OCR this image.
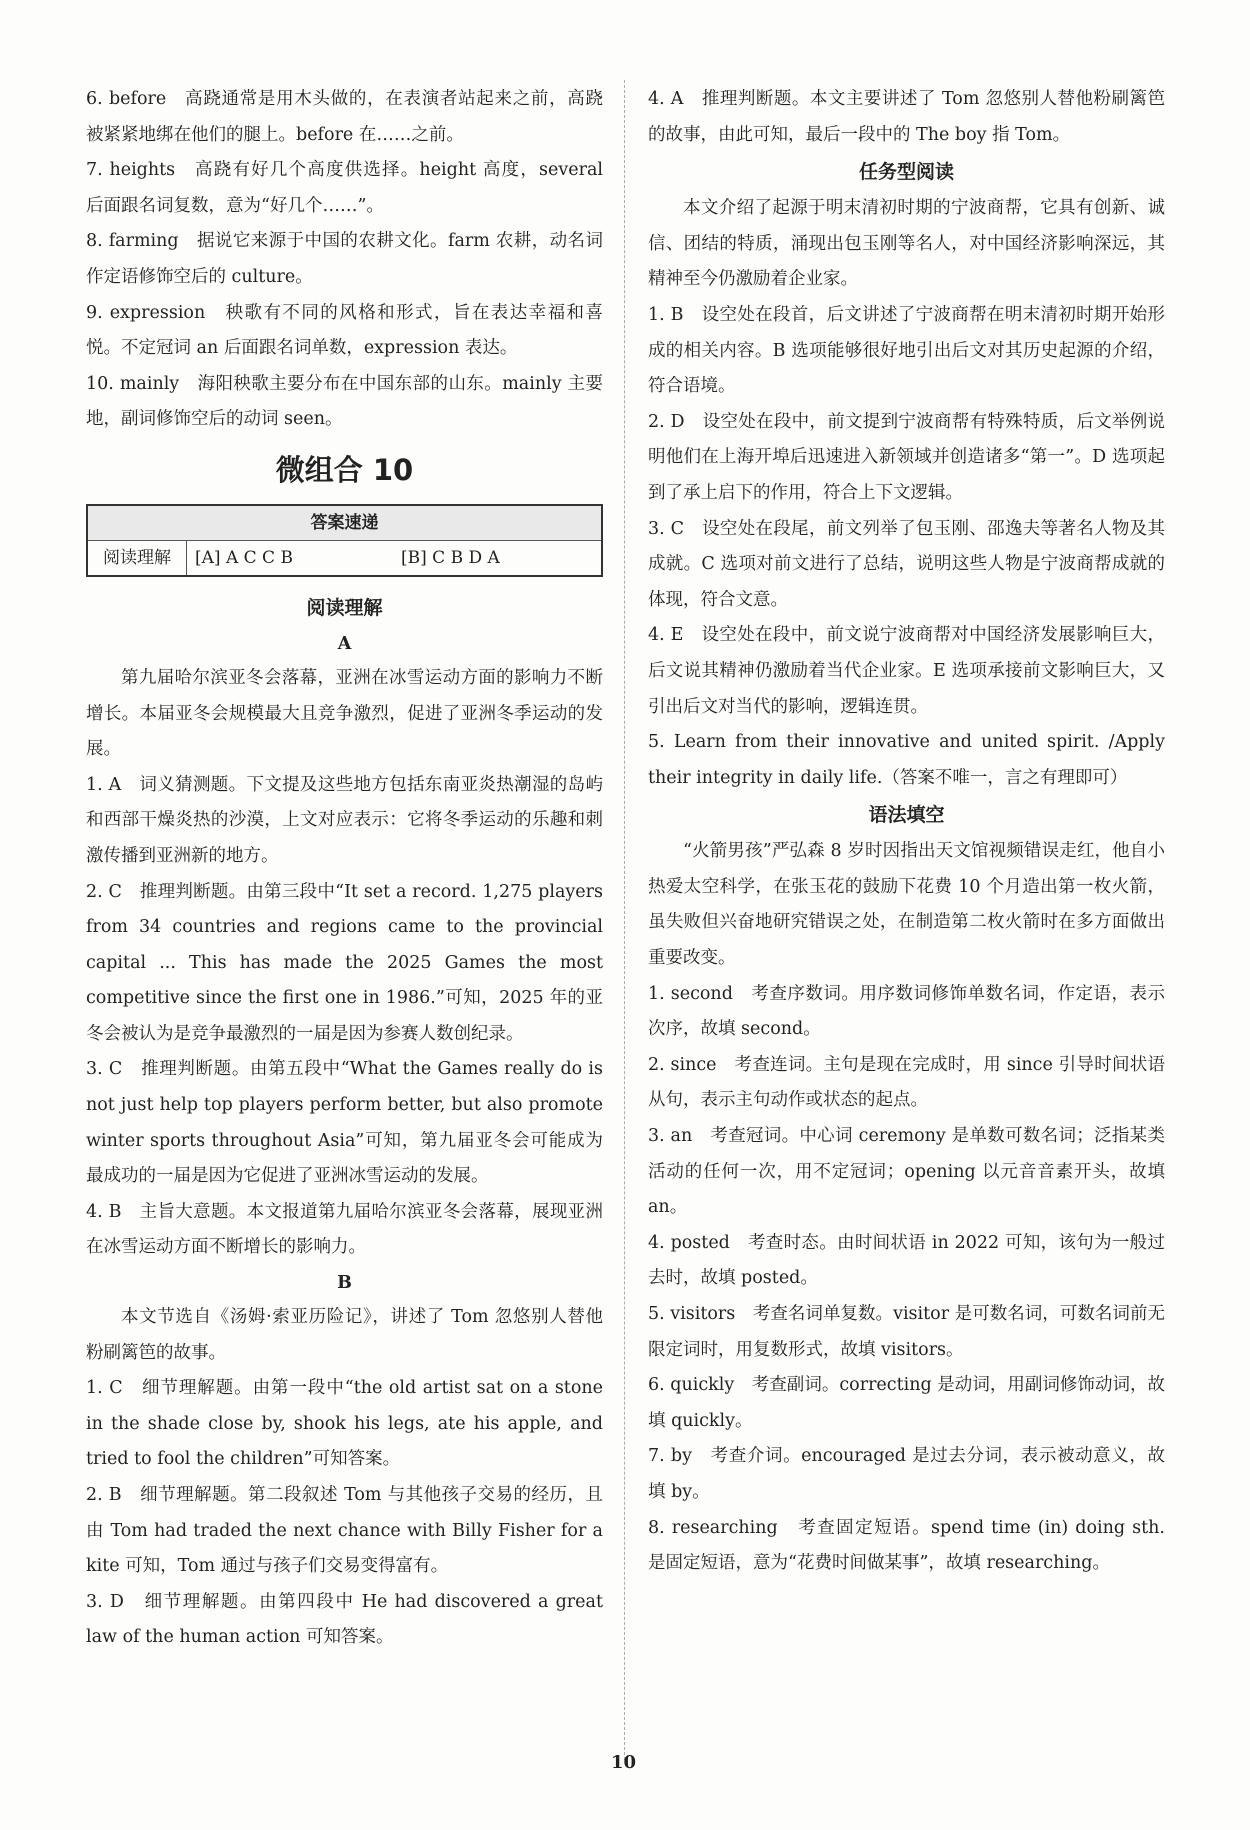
6. before　高跷通常是用木头做的，在表演者站起来之前，高跷被紧紧地绑在他们的腿上。before 在……之前。

7. heights　高跷有好几个高度供选择。height 高度，several 后面跟名词复数，意为“好几个……”。

8. farming　据说它来源于中国的农耕文化。farm 农耕，动名词作定语修饰空后的 culture。

9. expression　秧歌有不同的风格和形式，旨在表达幸福和喜悦。不定冠词 an 后面跟名词单数，expression 表达。

10. mainly　海阳秧歌主要分布在中国东部的山东。mainly 主要地，副词修饰空后的动词 seen。

微组合 10
答案速递
阅读理解	[A] A C C B	[B] C B D A
阅读理解
A

第九届哈尔滨亚冬会落幕，亚洲在冰雪运动方面的影响力不断增长。本届亚冬会规模最大且竞争激烈，促进了亚洲冬季运动的发展。

1. A　词义猜测题。下文提及这些地方包括东南亚炎热潮湿的岛屿和西部干燥炎热的沙漠，上文对应表示：它将冬季运动的乐趣和刺激传播到亚洲新的地方。

2. C　推理判断题。由第三段中“It set a record. 1,275 players from 34 countries and regions came to the provincial capital ... This has made the 2025 Games the most competitive since the first one in 1986.”可知，2025 年的亚冬会被认为是竞争最激烈的一届是因为参赛人数创纪录。

3. C　推理判断题。由第五段中“What the Games really do is not just help top players perform better, but also promote winter sports throughout Asia”可知，第九届亚冬会可能成为最成功的一届是因为它促进了亚洲冰雪运动的发展。

4. B　主旨大意题。本文报道第九届哈尔滨亚冬会落幕，展现亚洲在冰雪运动方面不断增长的影响力。

B

本文节选自《汤姆·索亚历险记》，讲述了 Tom 忽悠别人替他粉刷篱笆的故事。

1. C　细节理解题。由第一段中“the old artist sat on a stone in the shade close by, shook his legs, ate his apple, and tried to fool the children”可知答案。

2. B　细节理解题。第二段叙述 Tom 与其他孩子交易的经历，且由 Tom had traded the next chance with Billy Fisher for a kite 可知，Tom 通过与孩子们交易变得富有。

3. D　细节理解题。由第四段中 He had discovered a great law of the human action 可知答案。

4. A　推理判断题。本文主要讲述了 Tom 忽悠别人替他粉刷篱笆的故事，由此可知，最后一段中的 The boy 指 Tom。

任务型阅读

本文介绍了起源于明末清初时期的宁波商帮，它具有创新、诚信、团结的特质，涌现出包玉刚等名人，对中国经济影响深远，其精神至今仍激励着企业家。

1. B　设空处在段首，后文讲述了宁波商帮在明末清初时期开始形成的相关内容。B 选项能够很好地引出后文对其历史起源的介绍，符合语境。

2. D　设空处在段中，前文提到宁波商帮有特殊特质，后文举例说明他们在上海开埠后迅速进入新领域并创造诸多“第一”。D 选项起到了承上启下的作用，符合上下文逻辑。

3. C　设空处在段尾，前文列举了包玉刚、邵逸夫等著名人物及其成就。C 选项对前文进行了总结，说明这些人物是宁波商帮成就的体现，符合文意。

4. E　设空处在段中，前文说宁波商帮对中国经济发展影响巨大，后文说其精神仍激励着当代企业家。E 选项承接前文影响巨大，又引出后文对当代的影响，逻辑连贯。

5. Learn from their innovative and united spirit. /Apply their integrity in daily life.（答案不唯一，言之有理即可）

语法填空

“火箭男孩”严弘森 8 岁时因指出天文馆视频错误走红，他自小热爱太空科学，在张玉花的鼓励下花费 10 个月造出第一枚火箭，虽失败但兴奋地研究错误之处，在制造第二枚火箭时在多方面做出重要改变。

1. second　考查序数词。用序数词修饰单数名词，作定语，表示次序，故填 second。

2. since　考查连词。主句是现在完成时，用 since 引导时间状语从句，表示主句动作或状态的起点。

3. an　考查冠词。中心词 ceremony 是单数可数名词；泛指某类活动的任何一次，用不定冠词；opening 以元音音素开头，故填 an。

4. posted　考查时态。由时间状语 in 2022 可知，该句为一般过去时，故填 posted。

5. visitors　考查名词单复数。visitor 是可数名词，可数名词前无限定词时，用复数形式，故填 visitors。

6. quickly　考查副词。correcting 是动词，用副词修饰动词，故填 quickly。

7. by　考查介词。encouraged 是过去分词，表示被动意义，故填 by。

8. researching　考查固定短语。spend time (in) doing sth. 是固定短语，意为“花费时间做某事”，故填 researching。

10
